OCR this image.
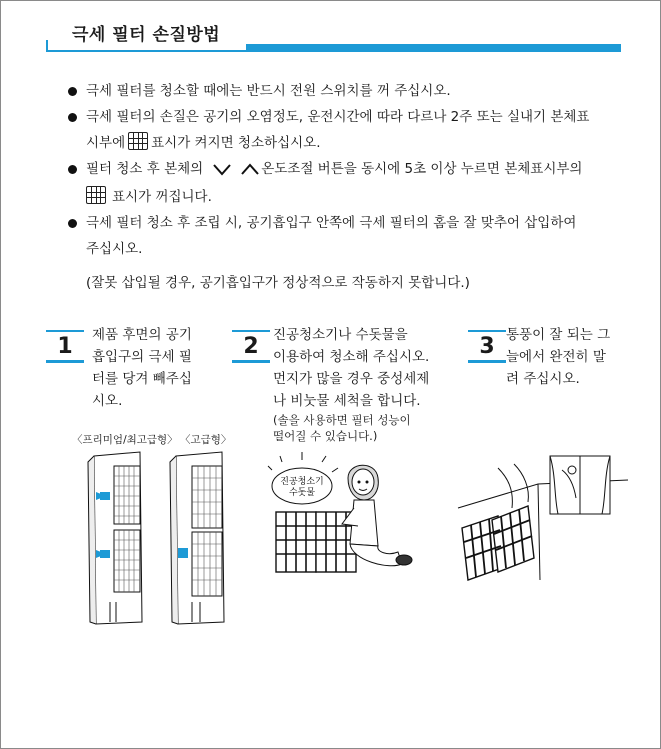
극세 필터 손질방법
극세 필터를 청소할 때에는 반드시 전원 스위치를 꺼 주십시오.
극세 필터의 손질은 공기의 오염정도, 운전시간에 따라 다르나 2주 또는 실내기 본체표
시부에 표시가 켜지면 청소하십시오.
필터 청소 후 본체의	온도조절 버튼을 동시에 5초 이상 누르면 본체표시부의
표시가 꺼집니다.
극세 필터 청소 후 조립 시, 공기흡입구 안쪽에 극세 필터의 홈을 잘 맞추어 삽입하여
주십시오.
(잘못 삽입될 경우, 공기흡입구가 정상적으로 작동하지 못합니다.)
1	제품 후면의 공기
흡입구의 극세 필
터를 당겨 빼주십
시오.
2	진공청소기나 수돗물을
이용하여 청소해 주십시오.
먼지가 많을 경우 중성세제
나 비눗물 세척을 합니다.
(솔을 사용하면 필터 성능이
떨어질 수 있습니다.)
3 통풍이 잘 되는 그
늘에서 완전히 말
려 주십시오.
〈프리미엄/최고급형〉 〈고급형〉
진공청소기
수돗물
